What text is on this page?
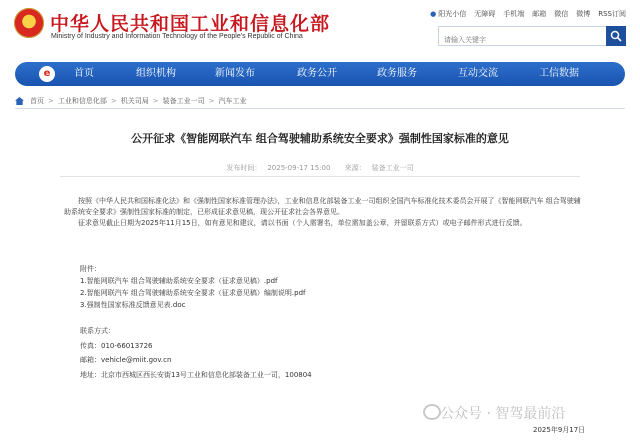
★ 中华人民共和国工业和信息化部
Ministry of Industry and Information Technology of the People's Republic of China
● 阳光小信 无障碍 手机端 邮箱 微信 微博 RSS订阅
请输入关键字
e	首页	组织机构	新闻发布	政务公开	政务服务	互动交流	工信数据
首页 > 工业和信息化部 > 机关司局 > 装备工业一司 > 汽车工业
公开征求《智能网联汽车 组合驾驶辅助系统安全要求》强制性国家标准的意见
发布时间： 2025-09-17 15:00 来源： 装备工业一司

按照《中华人民共和国标准化法》和《强制性国家标准管理办法》，工业和信息化部装备工业一司组织全国汽车标准化技术委员会开展了《智能网联汽车 组合驾驶辅助系统安全要求》强制性国家标准的制定，已形成征求意见稿，现公开征求社会各界意见。

征求意见截止日期为2025年11月15日，如有意见和建议，请以书面（个人需署名，单位需加盖公章，并留联系方式）或电子邮件形式进行反馈。

附件：
1.智能网联汽车 组合驾驶辅助系统安全要求（征求意见稿）.pdf
2.智能网联汽车 组合驾驶辅助系统安全要求（征求意见稿）编制说明.pdf
3.强制性国家标准反馈意见表.doc
联系方式：
传真：010-66013726
邮箱：vehicle@miit.gov.cn
地址：北京市西城区西长安街13号工业和信息化部装备工业一司，100804
公众号 · 智驾最前沿
2025年9月17日
